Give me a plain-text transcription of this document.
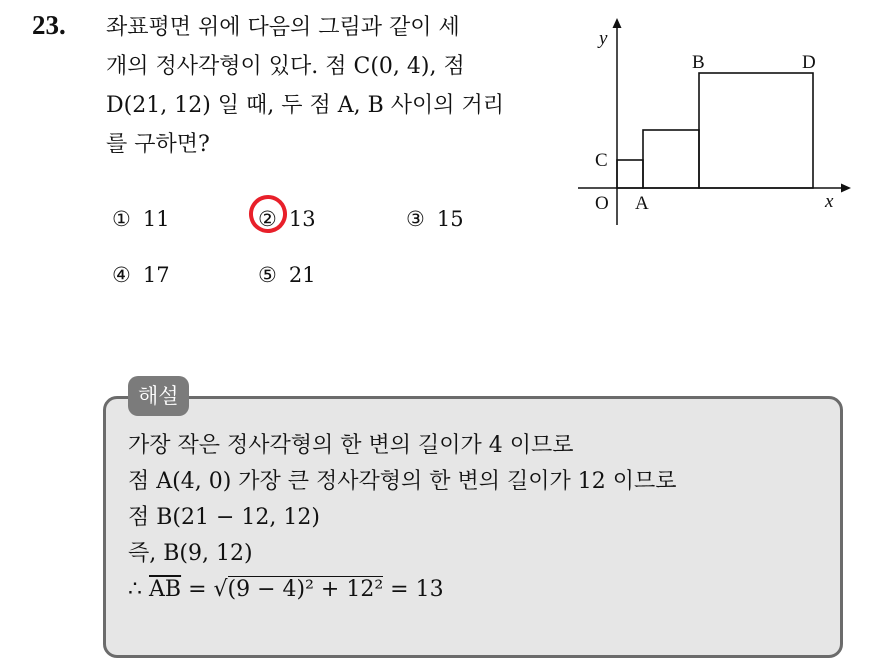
23. 좌표평면 위에 다음의 그림과 같이 세
개의 정사각형이 있다. 점 C(0, 4), 점
D(21, 12) 일 때, 두 점 A, B 사이의 거리
를 구하면?
① 11	② 13	③ 15
④ 17	⑤ 21
y
x
O A
B
C
D
해설
가장 작은 정사각형의 한 변의 길이가 4 이므로
점 A(4, 0) 가장 큰 정사각형의 한 변의 길이가 12 이므로
점 B(21 − 12, 12)
즉, B(9, 12)
∴ $\overline{AB} = √(9 - 4)^2 + 12^2 = 13$
